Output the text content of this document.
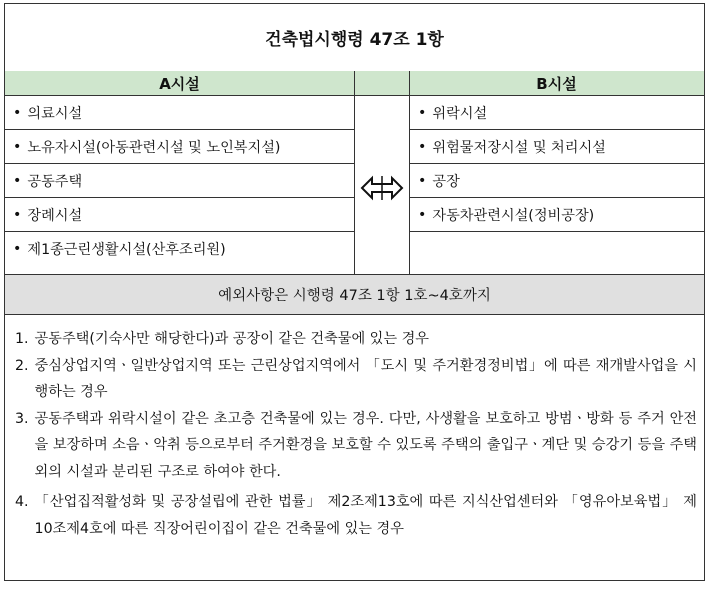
건축법시행령 47조 1항
A시설	B시설
• 의료시설
• 노유자시설(아동관련시설 및 노인복지설)
• 공동주택
• 장례시설
• 제1종근린생활시설(산후조리원)
• 위락시설
• 위험물저장시설 및 처리시설
• 공장
• 자동차관련시설(정비공장)
예외사항은 시행령 47조 1항 1호~4호까지
1. 공동주택(기숙사만 해당한다)과 공장이 같은 건축물에 있는 경우
2. 중심상업지역ㆍ일반상업지역 또는 근린상업지역에서 「도시 및 주거환경정비법」에 따른 재개발사업을 시행하는 경우
3. 공동주택과 위락시설이 같은 초고층 건축물에 있는 경우. 다만, 사생활을 보호하고 방범ㆍ방화 등 주거 안전을 보장하며 소음ㆍ악취 등으로부터 주거환경을 보호할 수 있도록 주택의 출입구ㆍ계단 및 승강기 등을 주택 외의 시설과 분리된 구조로 하여야 한다.
4. 「산업집적활성화 및 공장설립에 관한 법률」 제2조제13호에 따른 지식산업센터와 「영유아보육법」 제10조제4호에 따른 직장어린이집이 같은 건축물에 있는 경우
